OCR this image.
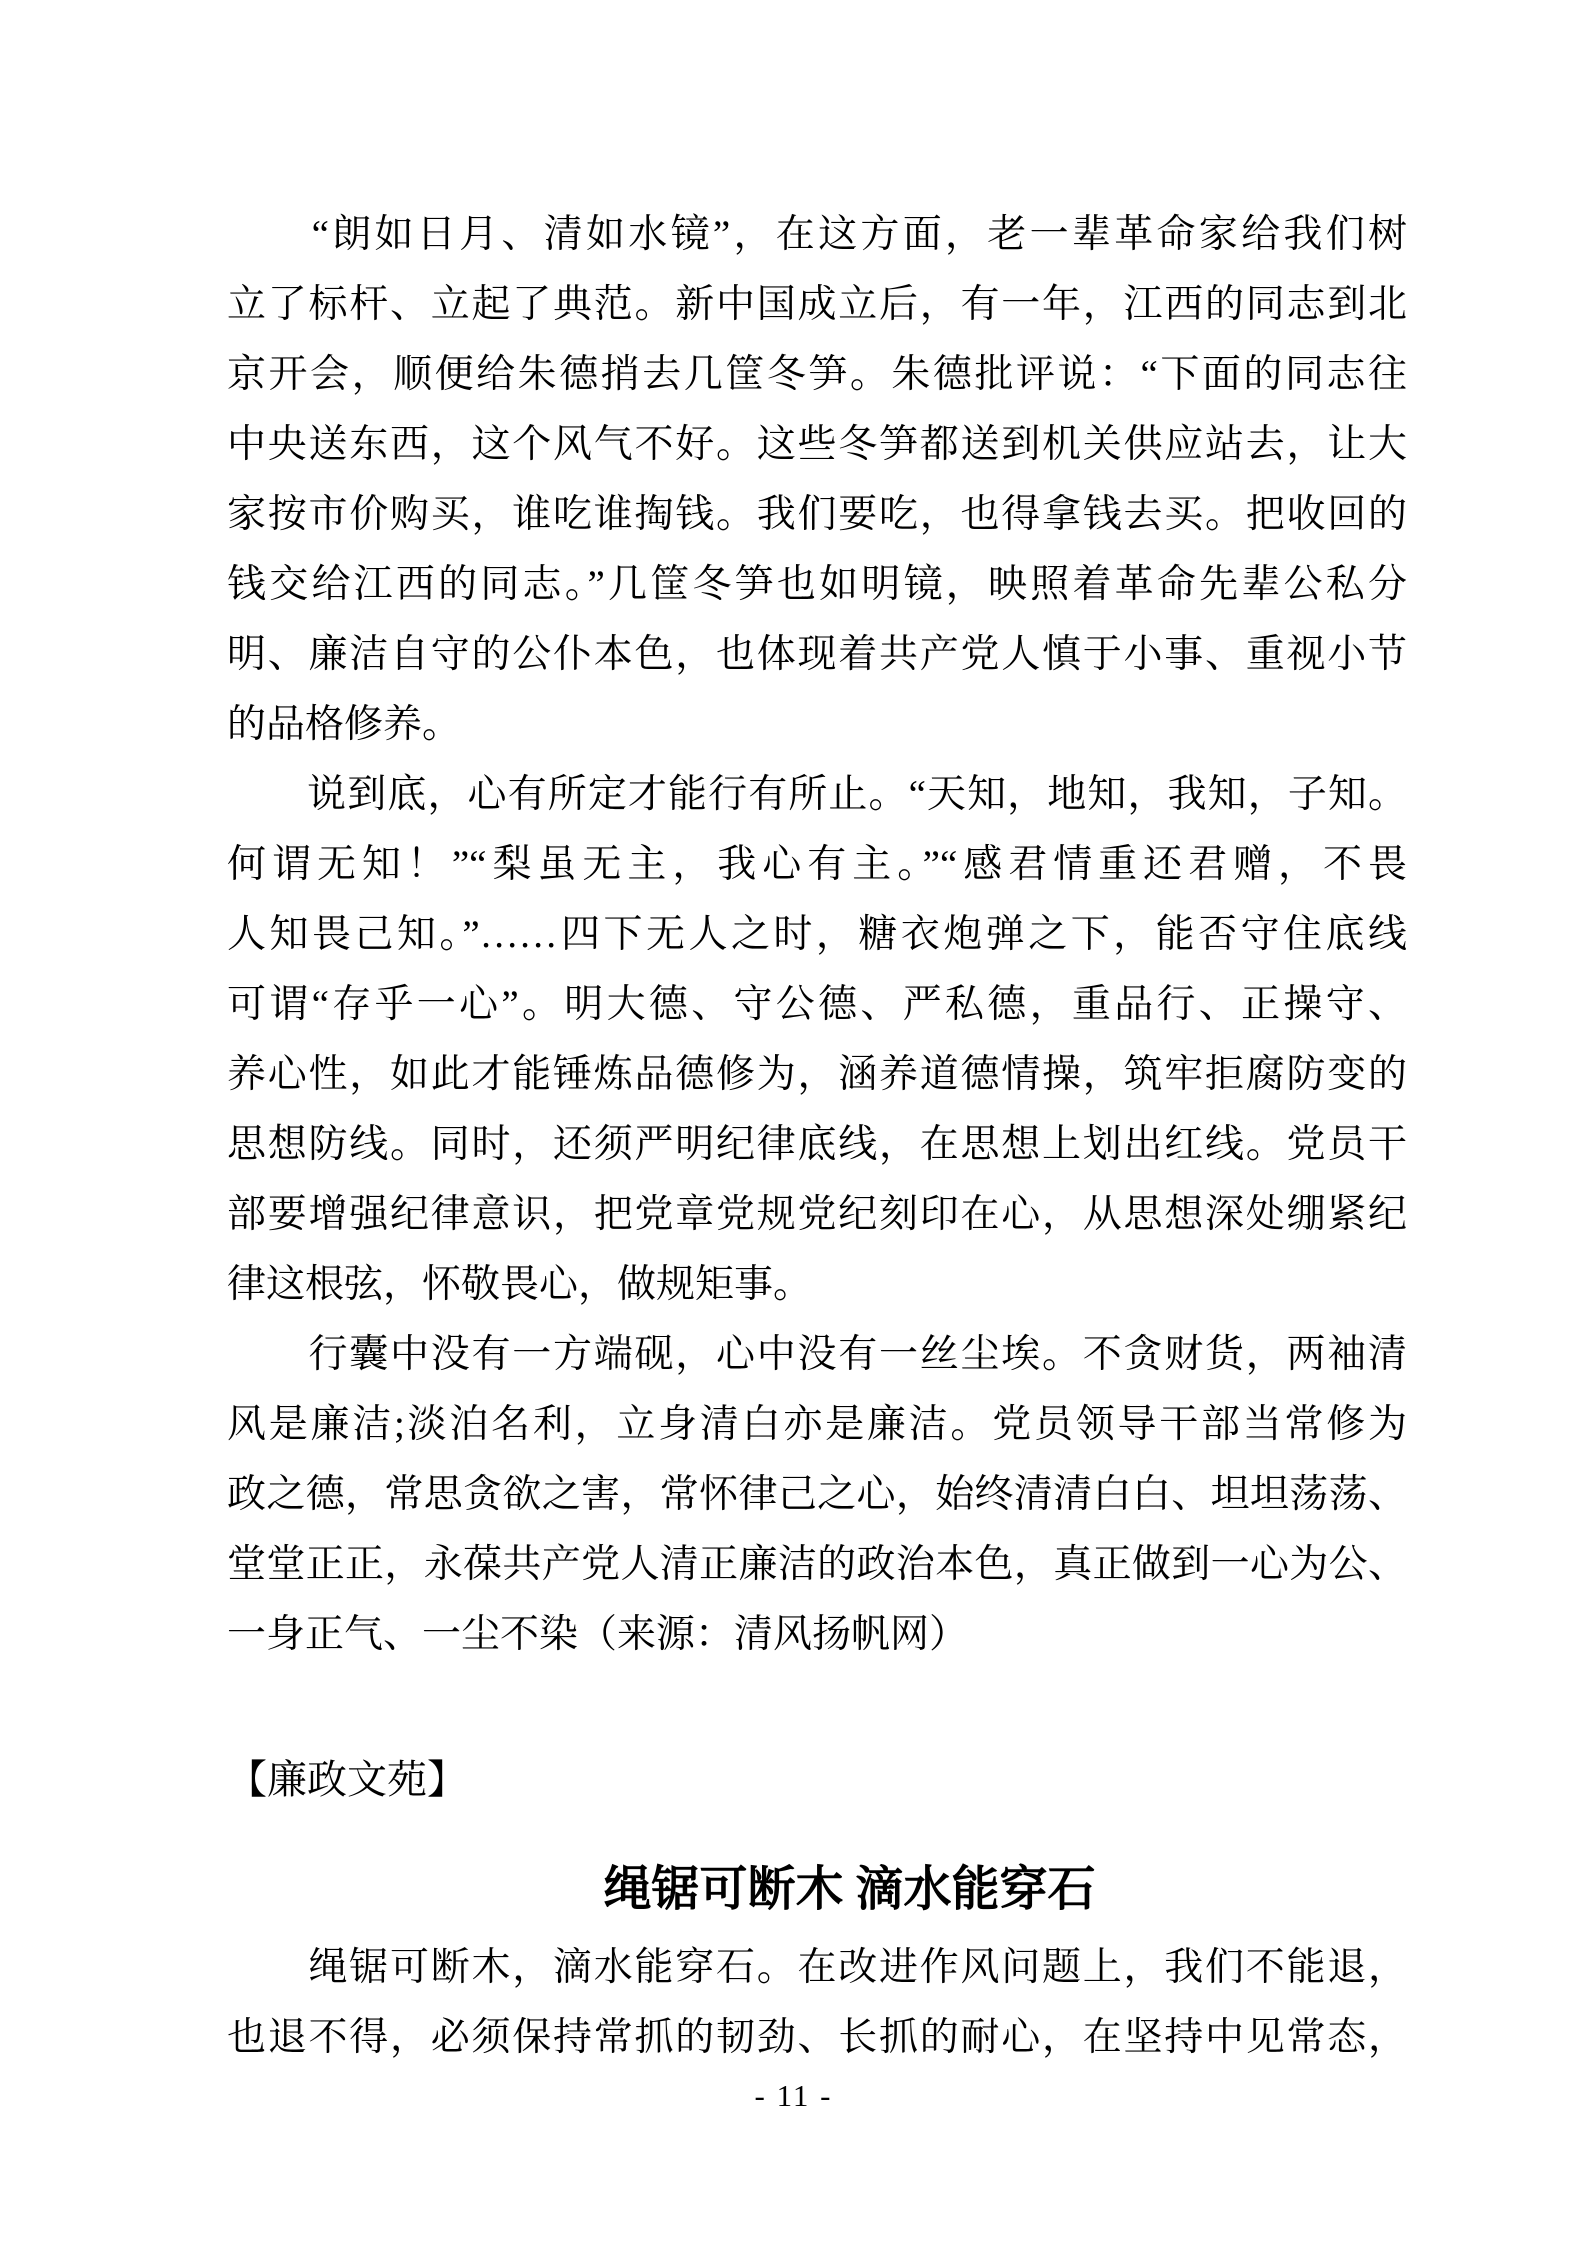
　　“朗如日月、清如水镜”，在这方面，老一辈革命家给我们树
立了标杆、立起了典范。新中国成立后，有一年，江西的同志到北
京开会，顺便给朱德捎去几筐冬笋。朱德批评说：“下面的同志往
中央送东西，这个风气不好。这些冬笋都送到机关供应站去，让大
家按市价购买，谁吃谁掏钱。我们要吃，也得拿钱去买。把收回的
钱交给江西的同志。”几筐冬笋也如明镜，映照着革命先辈公私分
明、廉洁自守的公仆本色，也体现着共产党人慎于小事、重视小节
的品格修养。
　　说到底，心有所定才能行有所止。“天知，地知，我知，子知。
何谓无知！”“梨虽无主，我心有主。”“感君情重还君赠，不畏
人知畏己知。”……四下无人之时，糖衣炮弹之下，能否守住底线
可谓“存乎一心”。明大德、守公德、严私德，重品行、正操守、
养心性，如此才能锤炼品德修为，涵养道德情操，筑牢拒腐防变的
思想防线。同时，还须严明纪律底线，在思想上划出红线。党员干
部要增强纪律意识，把党章党规党纪刻印在心，从思想深处绷紧纪
律这根弦，怀敬畏心，做规矩事。
　　行囊中没有一方端砚，心中没有一丝尘埃。不贪财货，两袖清
风是廉洁;淡泊名利，立身清白亦是廉洁。党员领导干部当常修为
政之德，常思贪欲之害，常怀律己之心，始终清清白白、坦坦荡荡、
堂堂正正，永葆共产党人清正廉洁的政治本色，真正做到一心为公、
一身正气、一尘不染（来源：清风扬帆网）
【廉政文苑】
绳锯可断木 滴水能穿石
　　绳锯可断木，滴水能穿石。在改进作风问题上，我们不能退，
也退不得，必须保持常抓的韧劲、长抓的耐心，在坚持中见常态，
- 11 -
